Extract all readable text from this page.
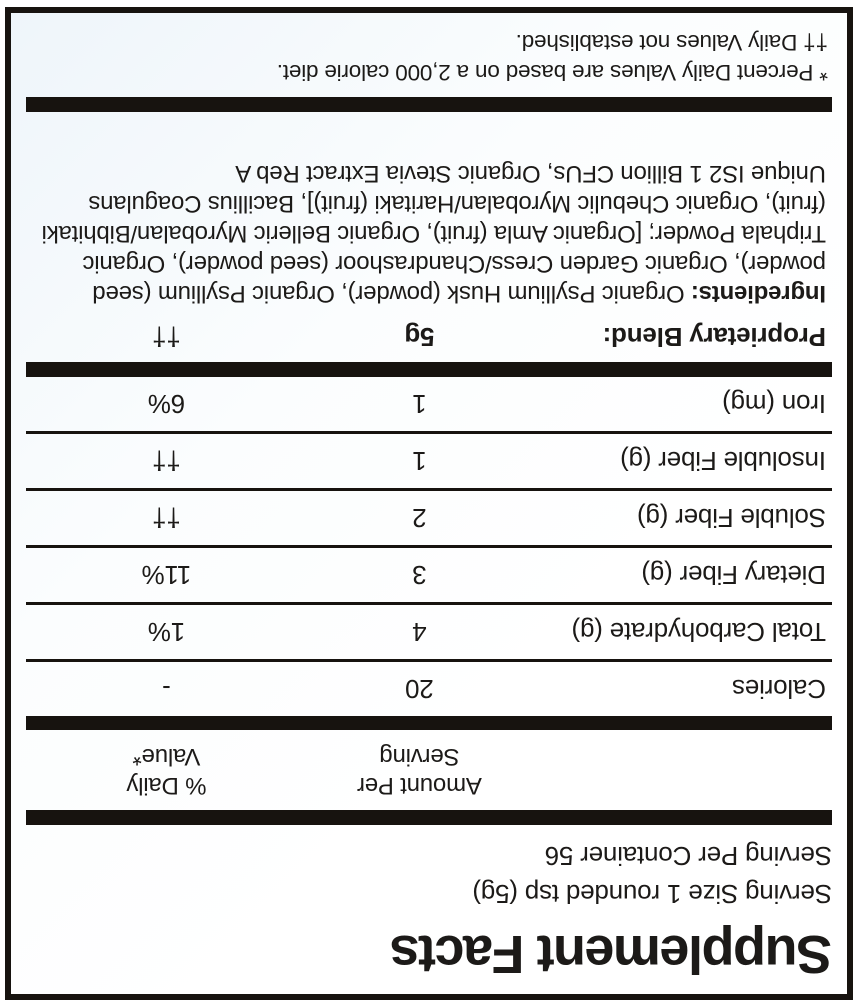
Supplement Facts
Serving Size 1 rounded tsp (5g)
Serving Per Container 56
Amount Per
Serving
% Daily
Value*
Calories
20
-
Total Carbohydrate (g)
4
1%
Dietary Fiber (g)
3
11%
Soluble Fiber (g)
2
††
Insoluble Fiber (g)
1
††
Iron (mg)
1
6%
Proprietary Blend:
5g
††
Ingredients: Organic Psyllium Husk (powder), Organic Psyllium (seed powder), Organic Garden Cress/Chandrashoor (seed powder), Organic Triphala Powder; [Organic Amla (fruit), Organic Belleric Myrobalan/Bibhitaki (fruit), Organic Chebulic Myrobalan/Haritaki (fruit)], Bacillius Coagulans Unique IS2 1 Billion CFUs, Organic Stevia Extract Reb A
* Percent Daily Values are based on a 2,000 calorie diet.
†† Daily Values not established.
